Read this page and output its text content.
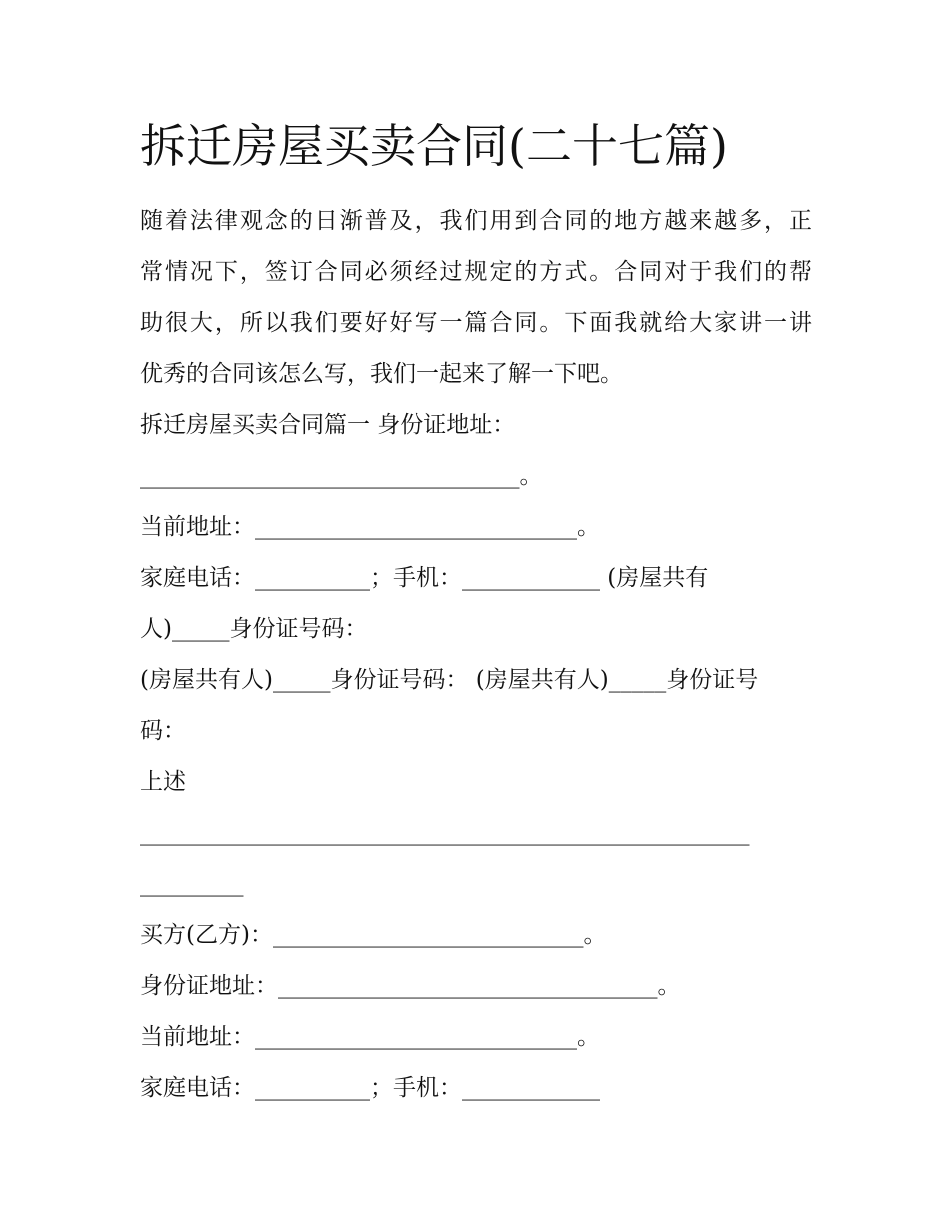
拆迁房屋买卖合同(二十七篇)
随着法律观念的日渐普及，我们用到合同的地方越来越多，正
常情况下，签订合同必须经过规定的方式。合同对于我们的帮
助很大，所以我们要好好写一篇合同。下面我就给大家讲一讲
优秀的合同该怎么写，我们一起来了解一下吧。
拆迁房屋买卖合同篇一 身份证地址：
_________________________________。
当前地址：____________________________。
家庭电话：__________；手机：____________ (房屋共有
人)_____身份证号码：
(房屋共有人)_____身份证号码： (房屋共有人)_____身份证号
码：
上述
_____________________________________________________
_________
买方(乙方)：___________________________。
身份证地址：_________________________________。
当前地址：____________________________。
家庭电话：__________；手机：____________
